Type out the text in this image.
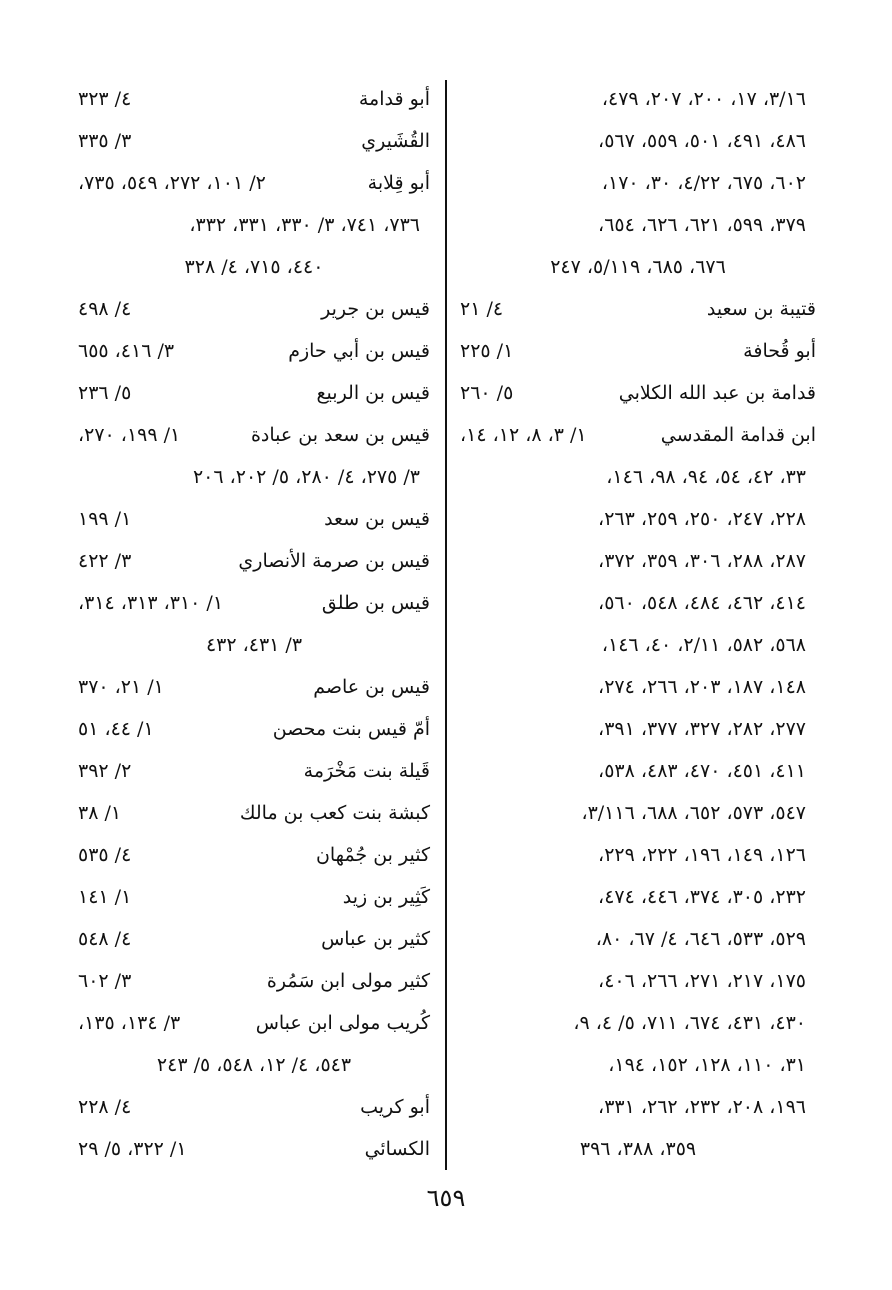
٣/١٦، ١٧، ٢٠٠، ٢٠٧، ٤٧٩،
٤٨٦، ٤٩١، ٥٠١، ٥٥٩، ٥٦٧،
٦٠٢، ٦٧٥، ٤/٢٢، ٣٠، ١٧٠،
٣٧٩، ٥٩٩، ٦٢١، ٦٢٦، ٦٥٤،
٦٧٦، ٦٨٥، ٥/١١٩، ٢٤٧
قتيبة بن سعيد
٤/ ٢١
أبو قُحافة
١/ ٢٢٥
قدامة بن عبد الله الكلابي
٥/ ٢٦٠
ابن قدامة المقدسي
١/ ٣، ٨، ١٢، ١٤،
٣٣، ٤٢، ٥٤، ٩٤، ٩٨، ١٤٦،
٢٢٨، ٢٤٧، ٢٥٠، ٢٥٩، ٢٦٣،
٢٨٧، ٢٨٨، ٣٠٦، ٣٥٩، ٣٧٢،
٤١٤، ٤٦٢، ٤٨٤، ٥٤٨، ٥٦٠،
٥٦٨، ٥٨٢، ٢/١١، ٤٠، ١٤٦،
١٤٨، ١٨٧، ٢٠٣، ٢٦٦، ٢٧٤،
٢٧٧، ٢٨٢، ٣٢٧، ٣٧٧، ٣٩١،
٤١١، ٤٥١، ٤٧٠، ٤٨٣، ٥٣٨،
٥٤٧، ٥٧٣، ٦٥٢، ٦٨٨، ٣/١١٦،
١٢٦، ١٤٩، ١٩٦، ٢٢٢، ٢٢٩،
٢٣٢، ٣٠٥، ٣٧٤، ٤٤٦، ٤٧٤،
٥٢٩، ٥٣٣، ٦٤٦، ٤/ ٦٧، ٨٠،
١٧٥، ٢١٧، ٢٧١، ٢٦٦، ٤٠٦،
٤٣٠، ٤٣١، ٦٧٤، ٧١١، ٥/ ٤، ٩،
٣١، ١١٠، ١٢٨، ١٥٢، ١٩٤،
١٩٦، ٢٠٨، ٢٣٢، ٢٦٢، ٣٣١،
٣٥٩، ٣٨٨، ٣٩٦
أبو قدامة
٤/ ٣٢٣
القُشَيري
٣/ ٣٣٥
أبو قِلابة
٢/ ١٠١، ٢٧٢، ٥٤٩، ٧٣٥،
٧٣٦، ٧٤١، ٣/ ٣٣٠، ٣٣١، ٣٣٢،
٤٤٠، ٧١٥، ٤/ ٣٢٨
قيس بن جرير
٤/ ٤٩٨
قيس بن أبي حازم
٣/ ٤١٦، ٦٥٥
قيس بن الربيع
٥/ ٢٣٦
قيس بن سعد بن عبادة
١/ ١٩٩، ٢٧٠،
٣/ ٢٧٥، ٤/ ٢٨٠، ٥/ ٢٠٢، ٢٠٦
قيس بن سعد
١/ ١٩٩
قيس بن صرمة الأنصاري
٣/ ٤٢٢
قيس بن طلق
١/ ٣١٠، ٣١٣، ٣١٤،
٣/ ٤٣١، ٤٣٢
قيس بن عاصم
١/ ٢١، ٣٧٠
أمّ قيس بنت محصن
١/ ٤٤، ٥١
قَيلة بنت مَخْرَمة
٢/ ٣٩٢
كبشة بنت كعب بن مالك
١/ ٣٨
كثير بن جُمْهان
٤/ ٥٣٥
كَثِير بن زيد
١/ ١٤١
كثير بن عباس
٤/ ٥٤٨
كثير مولى ابن سَمُرة
٣/ ٦٠٢
كُريب مولى ابن عباس
٣/ ١٣٤، ١٣٥،
٥٤٣، ٤/ ١٢، ٥٤٨، ٥/ ٢٤٣
أبو كريب
٤/ ٢٢٨
الكسائي
١/ ٣٢٢، ٥/ ٢٩
٦٥٩
